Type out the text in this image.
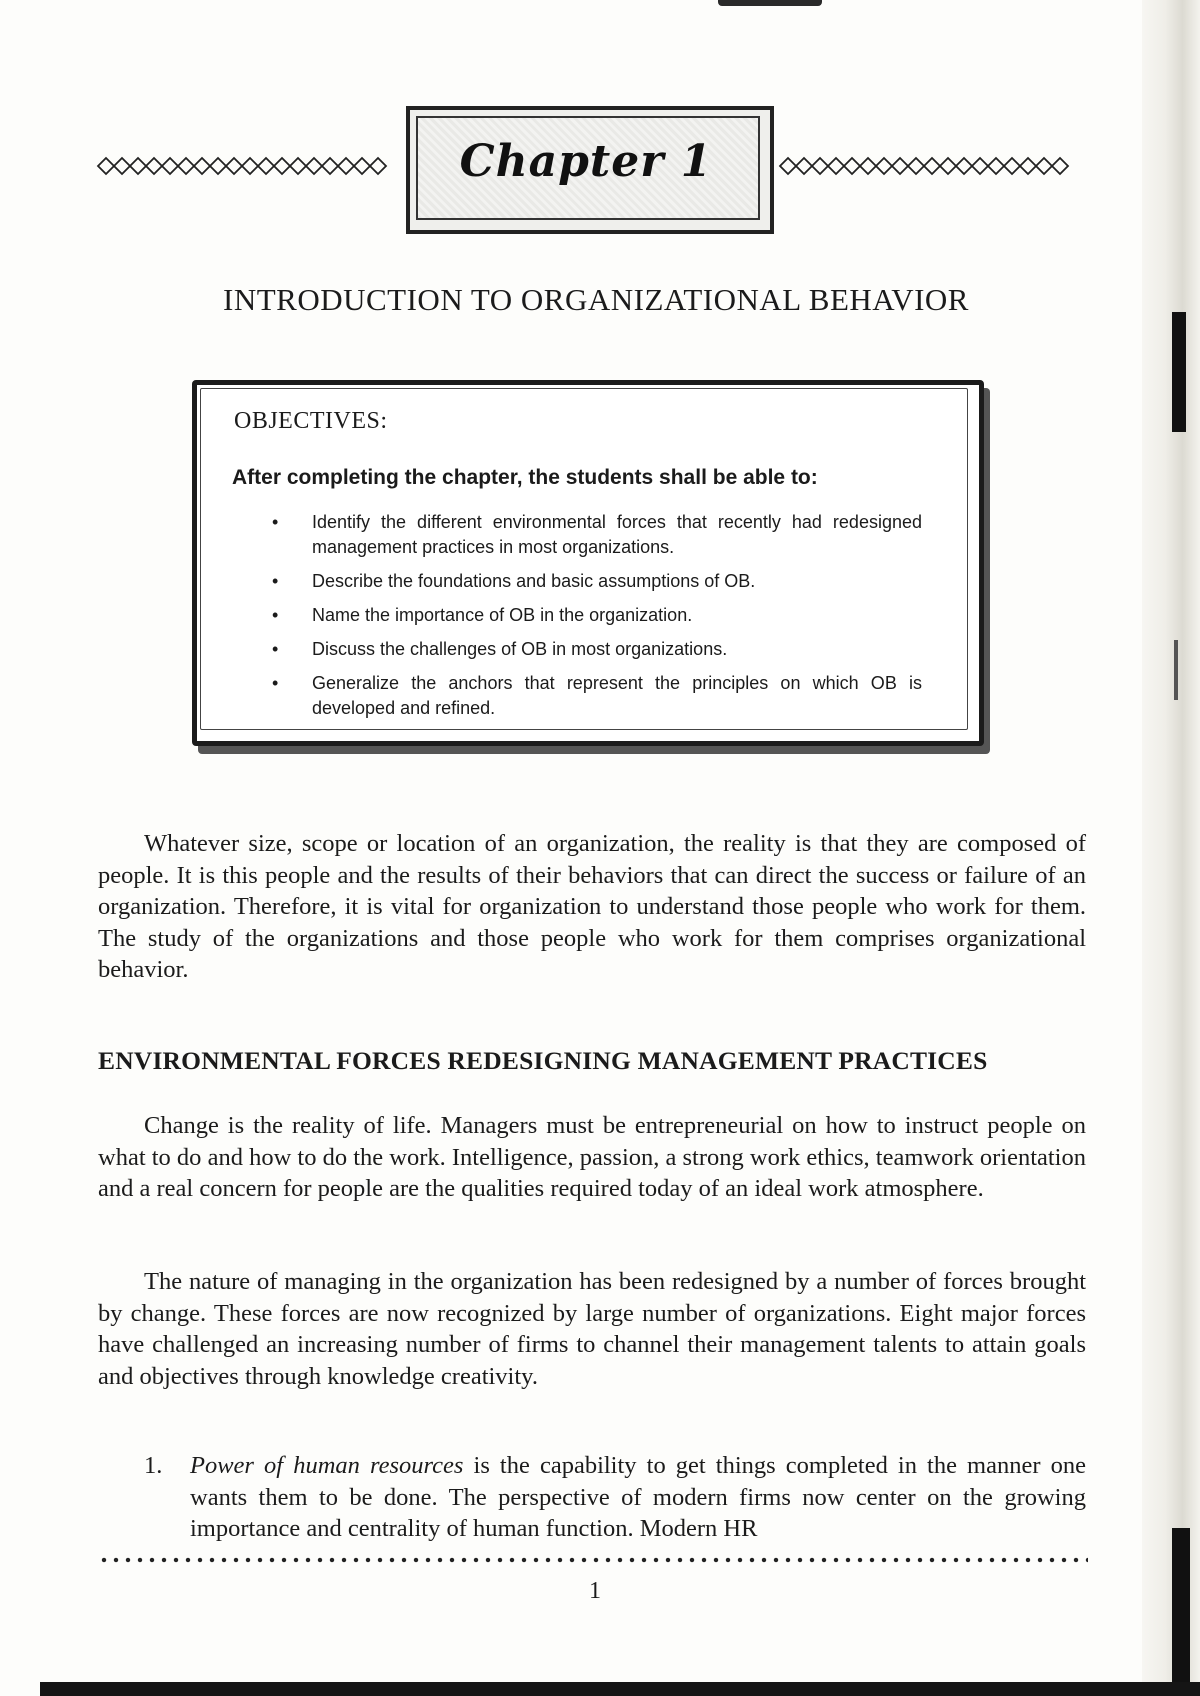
Chapter 1
INTRODUCTION TO ORGANIZATIONAL BEHAVIOR
OBJECTIVES:
After completing the chapter, the students shall be able to:
• Identify the different environmental forces that recently had redesigned management practices in most organizations.
• Describe the foundations and basic assumptions of OB.
• Name the importance of OB in the organization.
• Discuss the challenges of OB in most organizations.
• Generalize the anchors that represent the principles on which OB is developed and refined.

Whatever size, scope or location of an organization, the reality is that they are composed of people. It is this people and the results of their behaviors that can direct the success or failure of an organization. Therefore, it is vital for organization to understand those people who work for them. The study of the organizations and those people who work for them comprises organizational behavior.

ENVIRONMENTAL FORCES REDESIGNING MANAGEMENT PRACTICES

Change is the reality of life. Managers must be entrepreneurial on how to instruct people on what to do and how to do the work. Intelligence, passion, a strong work ethics, teamwork orientation and a real concern for people are the qualities required today of an ideal work atmosphere.

The nature of managing in the organization has been redesigned by a number of forces brought by change. These forces are now recognized by large number of organizations. Eight major forces have challenged an increasing number of firms to channel their management talents to attain goals and objectives through knowledge creativity.

1. Power of human resources is the capability to get things completed in the manner one wants them to be done. The perspective of modern firms now center on the growing importance and centrality of human function. Modern HR
1
